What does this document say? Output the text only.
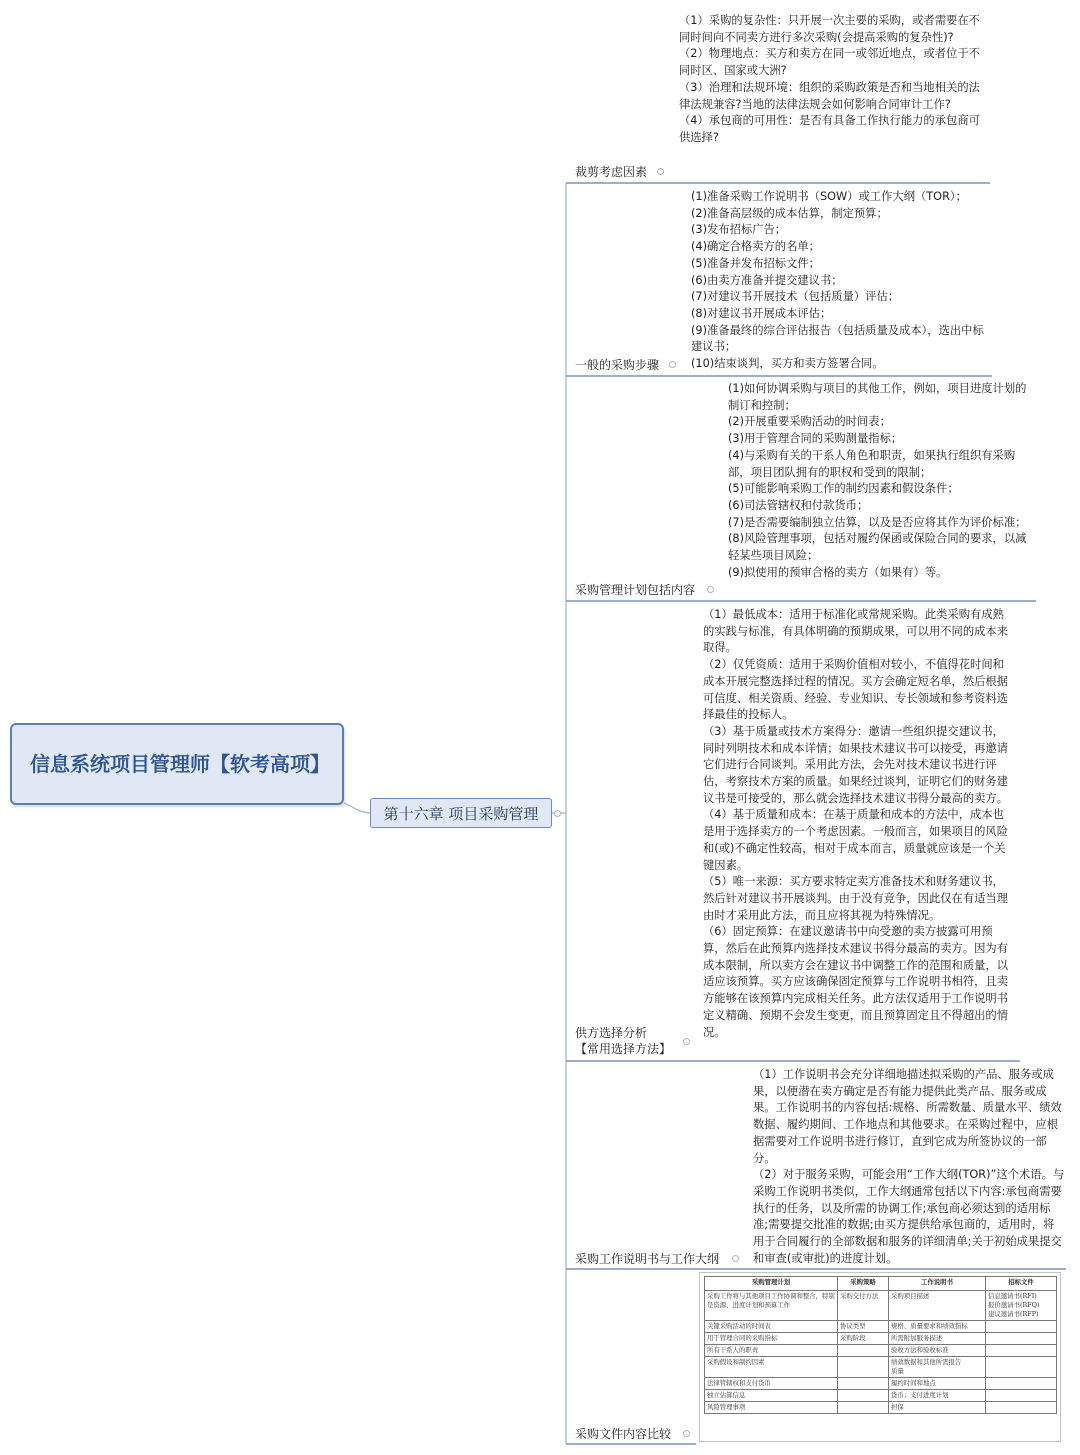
信息系统项目管理师【软考高项】
第十六章 项目采购管理
裁剪考虑因素
（1）采购的复杂性：只开展一次主要的采购，或者需要在不同时间向不同卖方进行多次采购(会提高采购的复杂性)?
（2）物理地点：买方和卖方在同一或邻近地点，或者位于不同时区、国家或大洲?
（3）治理和法规环境：组织的采购政策是否和当地相关的法律法规兼容?当地的法律法规会如何影响合同审计工作?
（4）承包商的可用性：是否有具备工作执行能力的承包商可供选择?
一般的采购步骤
(1)准备采购工作说明书（SOW）或工作大纲（TOR）；
(2)准备高层级的成本估算，制定预算；
(3)发布招标广告；
(4)确定合格卖方的名单；
(5)准备并发布招标文件；
(6)由卖方准备并提交建议书；
(7)对建议书开展技术（包括质量）评估；
(8)对建议书开展成本评估；
(9)准备最终的综合评估报告（包括质量及成本），选出中标建议书；
(10)结束谈判，买方和卖方签署合同。
采购管理计划包括内容
(1)如何协调采购与项目的其他工作，例如，项目进度计划的制订和控制；
(2)开展重要采购活动的时间表；
(3)用于管理合同的采购测量指标；
(4)与采购有关的干系人角色和职责，如果执行组织有采购部，项目团队拥有的职权和受到的限制；
(5)可能影响采购工作的制约因素和假设条件；
(6)司法管辖权和付款货币；
(7)是否需要编制独立估算，以及是否应将其作为评价标准；
(8)风险管理事项，包括对履约保函或保险合同的要求，以减轻某些项目风险；
(9)拟使用的预审合格的卖方（如果有）等。
供方选择分析
【常用选择方法】
（1）最低成本：适用于标准化或常规采购。此类采购有成熟的实践与标准，有具体明确的预期成果，可以用不同的成本来取得。
（2）仅凭资质：适用于采购价值相对较小，不值得花时间和成本开展完整选择过程的情况。买方会确定短名单，然后根据可信度、相关资质、经验、专业知识、专长领域和参考资料选择最佳的投标人。
（3）基于质量或技术方案得分：邀请一些组织提交建议书，同时列明技术和成本详情；如果技术建议书可以接受，再邀请它们进行合同谈判。采用此方法，会先对技术建议书进行评估，考察技术方案的质量。如果经过谈判，证明它们的财务建议书是可接受的，那么就会选择技术建议书得分最高的卖方。
（4）基于质量和成本：在基于质量和成本的方法中，成本也是用于选择卖方的一个考虑因素。一般而言，如果项目的风险和(或)不确定性较高，相对于成本而言，质量就应该是一个关键因素。
（5）唯一来源：买方要求特定卖方准备技术和财务建议书，然后针对建议书开展谈判。由于没有竞争，因此仅在有适当理由时才采用此方法，而且应将其视为特殊情况。
（6）固定预算：在建议邀请书中向受邀的卖方披露可用预算，然后在此预算内选择技术建议书得分最高的卖方。因为有成本限制，所以卖方会在建议书中调整工作的范围和质量，以适应该预算。买方应该确保固定预算与工作说明书相符，且卖方能够在该预算内完成相关任务。此方法仅适用于工作说明书定义精确、预期不会发生变更，而且预算固定且不得超出的情况。
采购工作说明书与工作大纲
（1）工作说明书会充分详细地描述拟采购的产品、服务或成果，以便潜在卖方确定是否有能力提供此类产品、服务或成果。工作说明书的内容包括:规格、所需数量、质量水平、绩效数据、履约期间、工作地点和其他要求。在采购过程中，应根据需要对工作说明书进行修订，直到它成为所签协议的一部分。
（2）对于服务采购，可能会用“工作大纲(TOR)”这个术语。与采购工作说明书类似，工作大纲通常包括以下内容:承包商需要执行的任务，以及所需的协调工作;承包商必须达到的适用标准;需要提交批准的数据;由买方提供给承包商的，适用时，将用于合同履行的全部数据和服务的详细清单;关于初始成果提交和审查(或审批)的进度计划。
采购文件内容比较
采购管理计划	采购策略	工作说明书	招标文件
采购工作将与其他项目工作协调和整合，特别是资源、进度计划和预算工作	采购交付方法	采购项目描述	信息邀请书(RFI)
报价邀请书(RFQ)
建议邀请书(RFP)
关键采购活动的时间表	协议类型	规格、质量要求和绩效指标	
用于管理合同的采购指标	采购阶段	所需附加服务描述	
所有干系人的职责		验收方法和验收标准	
采购假设和制约因素		绩效数据和其他所需报告
质量	
法律管辖权和支付货币		履约时间和地点	
独立估算信息		货币；支付进度计划	
风险管理事项		担保	
